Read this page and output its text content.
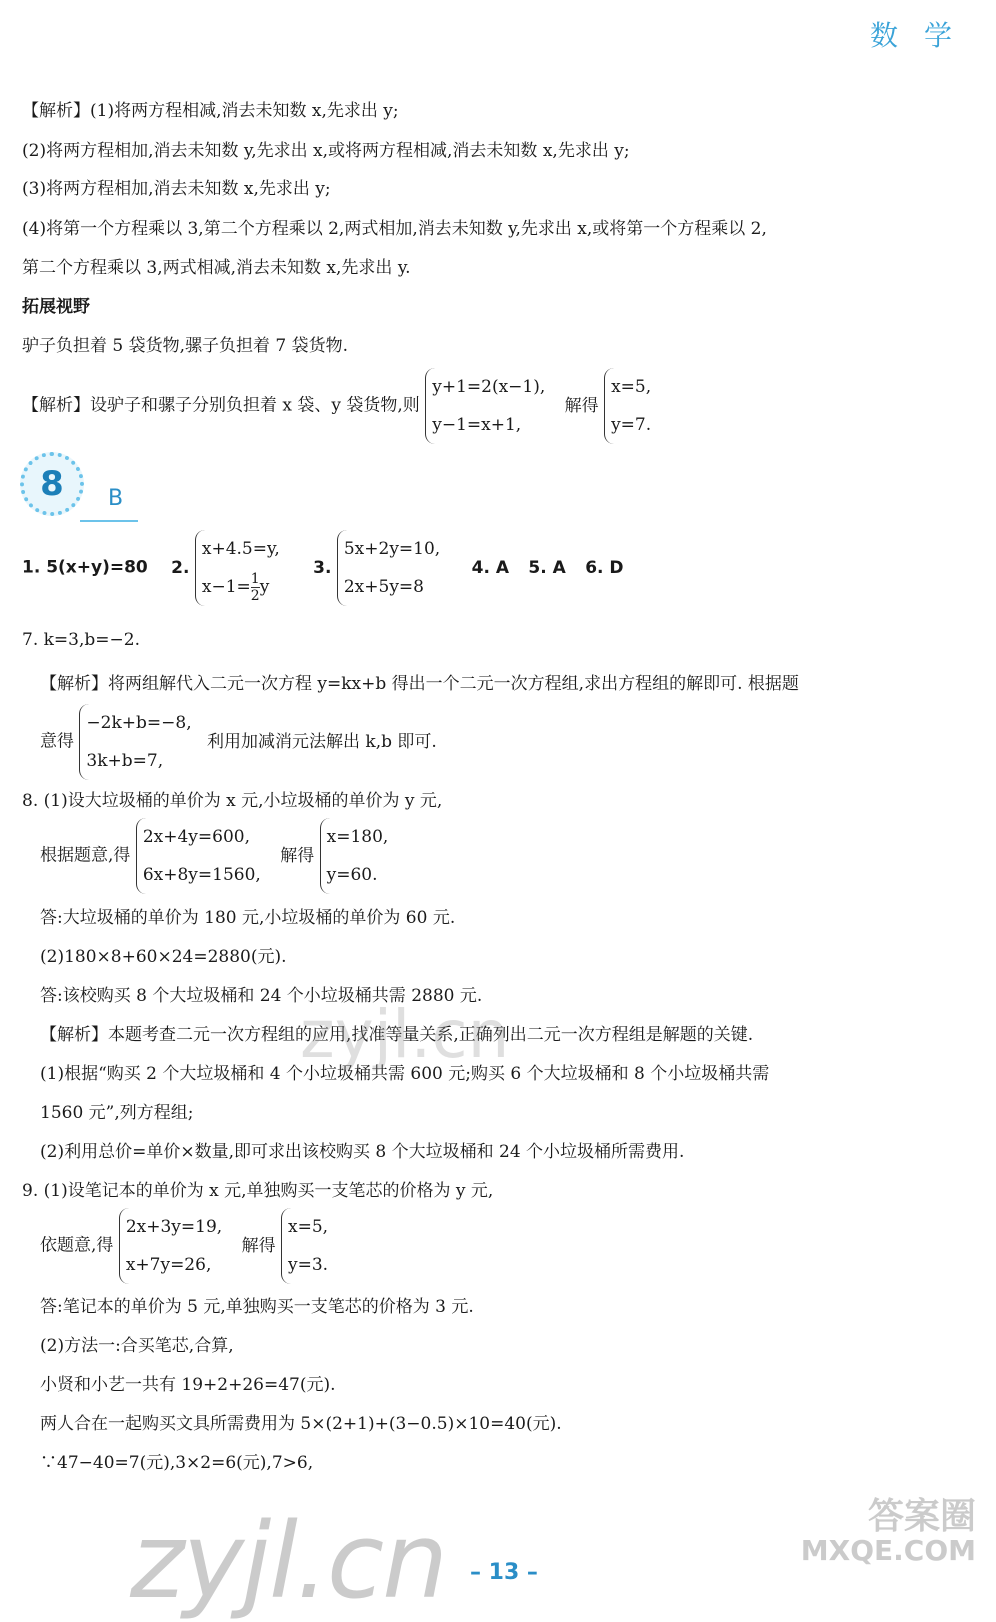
数学
【解析】(1)将两方程相减,消去未知数 x,先求出 y;
(2)将两方程相加,消去未知数 y,先求出 x,或将两方程相减,消去未知数 x,先求出 y;
(3)将两方程相加,消去未知数 x,先求出 y;
(4)将第一个方程乘以 3,第二个方程乘以 2,两式相加,消去未知数 y,先求出 x,或将第一个方程乘以 2,
第二个方程乘以 3,两式相减,消去未知数 x,先求出 y.
拓展视野
驴子负担着 5 袋货物,骡子负担着 7 袋货物.
【解析】设驴子和骡子分别负担着 x 袋、y 袋货物,则
y+1=2(x−1),
y−1=x+1,
解得
x=5,
y=7.
8 B
1. 5(x+y)=80 2.
x+4.5=y,
$x-1= \frac{1}{2}$ y
3.
5x+2y=10,
2x+5y=8
4. A 5. A 6. D
7. k=3,b=−2.
【解析】将两组解代入二元一次方程 y=kx+b 得出一个二元一次方程组,求出方程组的解即可. 根据题
意得
−2k+b=−8,
3k+b=7,
利用加减消元法解出 k,b 即可.
8. (1)设大垃圾桶的单价为 x 元,小垃圾桶的单价为 y 元,
根据题意,得
2x+4y=600,
6x+8y=1560,
解得
x=180,
y=60.
答:大垃圾桶的单价为 180 元,小垃圾桶的单价为 60 元.
(2)180×8+60×24=2880(元).
答:该校购买 8 个大垃圾桶和 24 个小垃圾桶共需 2880 元.
【解析】本题考查二元一次方程组的应用,找准等量关系,正确列出二元一次方程组是解题的关键.
(1)根据“购买 2 个大垃圾桶和 4 个小垃圾桶共需 600 元;购买 6 个大垃圾桶和 8 个小垃圾桶共需
1560 元”,列方程组;
(2)利用总价=单价×数量,即可求出该校购买 8 个大垃圾桶和 24 个小垃圾桶所需费用.
9. (1)设笔记本的单价为 x 元,单独购买一支笔芯的价格为 y 元,
依题意,得
2x+3y=19,
x+7y=26,
解得
x=5,
y=3.
答:笔记本的单价为 5 元,单独购买一支笔芯的价格为 3 元.
(2)方法一:合买笔芯,合算,
小贤和小艺一共有 19+2+26=47(元).
两人合在一起购买文具所需费用为 5×(2+1)+(3−0.5)×10=40(元).
∵47−40=7(元),3×2=6(元),7>6,
zyjl.cn
zyjl.cn	答案圈
MXQE.COM
– 13 –
